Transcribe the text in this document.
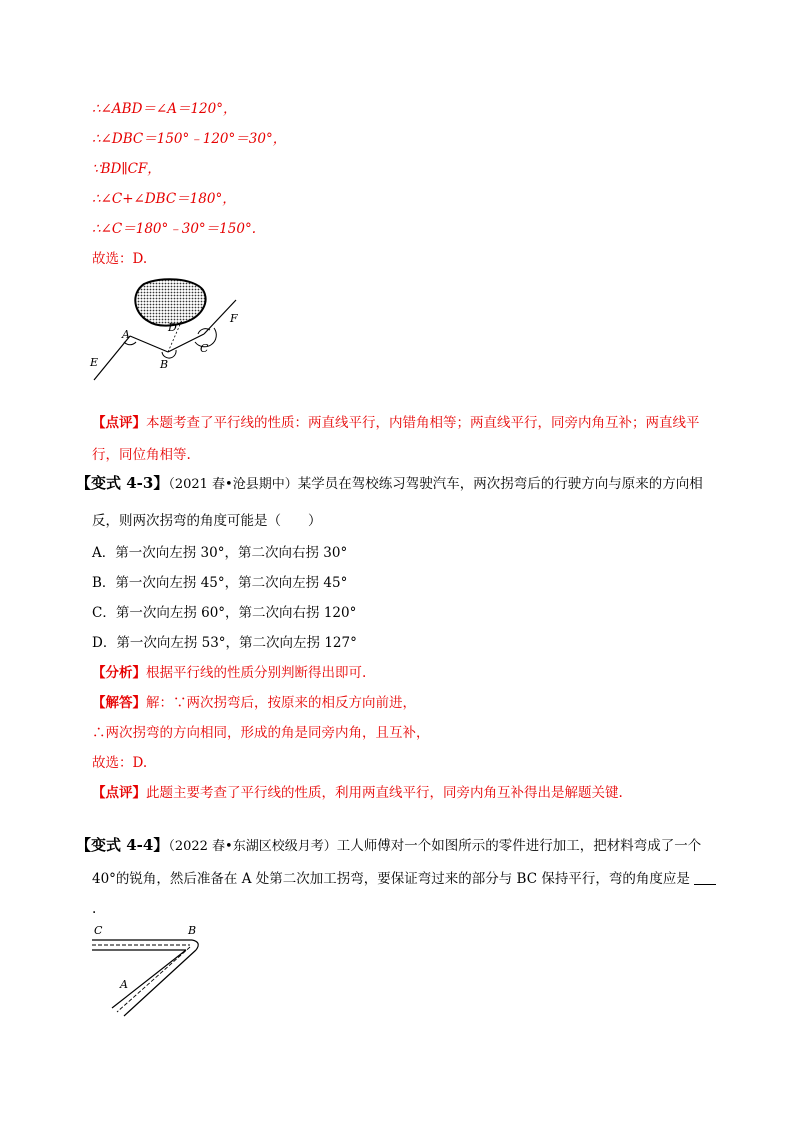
∴∠ABD＝∠A＝120°，
∴∠DBC＝150°﹣120°＝30°，
∵BD∥CF，
∴∠C+∠DBC＝180°，
∴∠C＝180°﹣30°＝150°.
故选：D.
A
D
F
C
E	B
【点评】本题考查了平行线的性质：两直线平行，内错角相等；两直线平行，同旁内角互补；两直线平
行，同位角相等.
【变式 4-3】（2021 春•沧县期中）某学员在驾校练习驾驶汽车，两次拐弯后的行驶方向与原来的方向相
反，则两次拐弯的角度可能是（　　）
A．第一次向左拐 30°，第二次向右拐 30°
B．第一次向左拐 45°，第二次向左拐 45°
C．第一次向左拐 60°，第二次向右拐 120°
D．第一次向左拐 53°，第二次向左拐 127°
【分析】根据平行线的性质分别判断得出即可.
【解答】解：∵两次拐弯后，按原来的相反方向前进，
∴两次拐弯的方向相同，形成的角是同旁内角，且互补，
故选：D.
【点评】此题主要考查了平行线的性质，利用两直线平行，同旁内角互补得出是解题关键.
【变式 4-4】（2022 春•东湖区校级月考）工人师傅对一个如图所示的零件进行加工，把材料弯成了一个
40°的锐角，然后准备在 A 处第二次加工拐弯，要保证弯过来的部分与 BC 保持平行，弯的角度应是
.
C	B
A
